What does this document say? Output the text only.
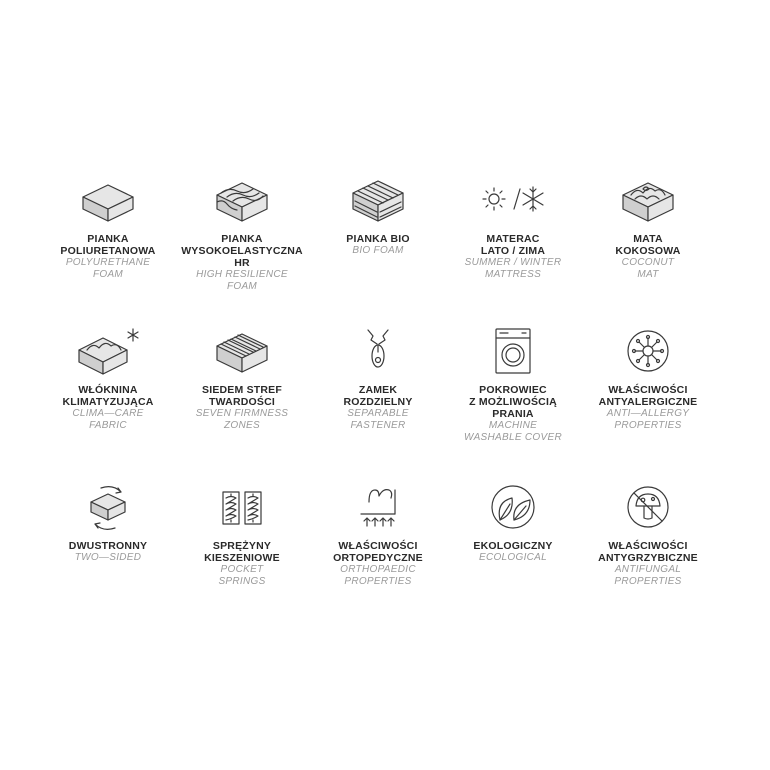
PIANKA
POLIURETANOWA
POLYURETHANE
FOAM
PIANKA
WYSOKOELASTYCZNA
HR
HIGH RESILIENCE
FOAM
PIANKA BIO
BIO FOAM
MATERAC
LATO / ZIMA
SUMMER / WINTER
MATTRESS
MATA
KOKOSOWA
COCONUT
MAT
WŁÓKNINA
KLIMATYZUJĄCA
CLIMA—CARE
FABRIC
SIEDEM STREF
TWARDOŚCI
SEVEN FIRMNESS
ZONES
ZAMEK
ROZDZIELNY
SEPARABLE
FASTENER
POKROWIEC
Z MOŻLIWOŚCIĄ
PRANIA
MACHINE
WASHABLE COVER
WŁAŚCIWOŚCI
ANTYALERGICZNE
ANTI—ALLERGY
PROPERTIES
DWUSTRONNY
TWO—SIDED
SPRĘŻYNY
KIESZENIOWE
POCKET
SPRINGS
WŁAŚCIWOŚCI
ORTOPEDYCZNE
ORTHOPAEDIC
PROPERTIES
EKOLOGICZNY
ECOLOGICAL
WŁAŚCIWOŚCI
ANTYGRZYBICZNE
ANTIFUNGAL
PROPERTIES
